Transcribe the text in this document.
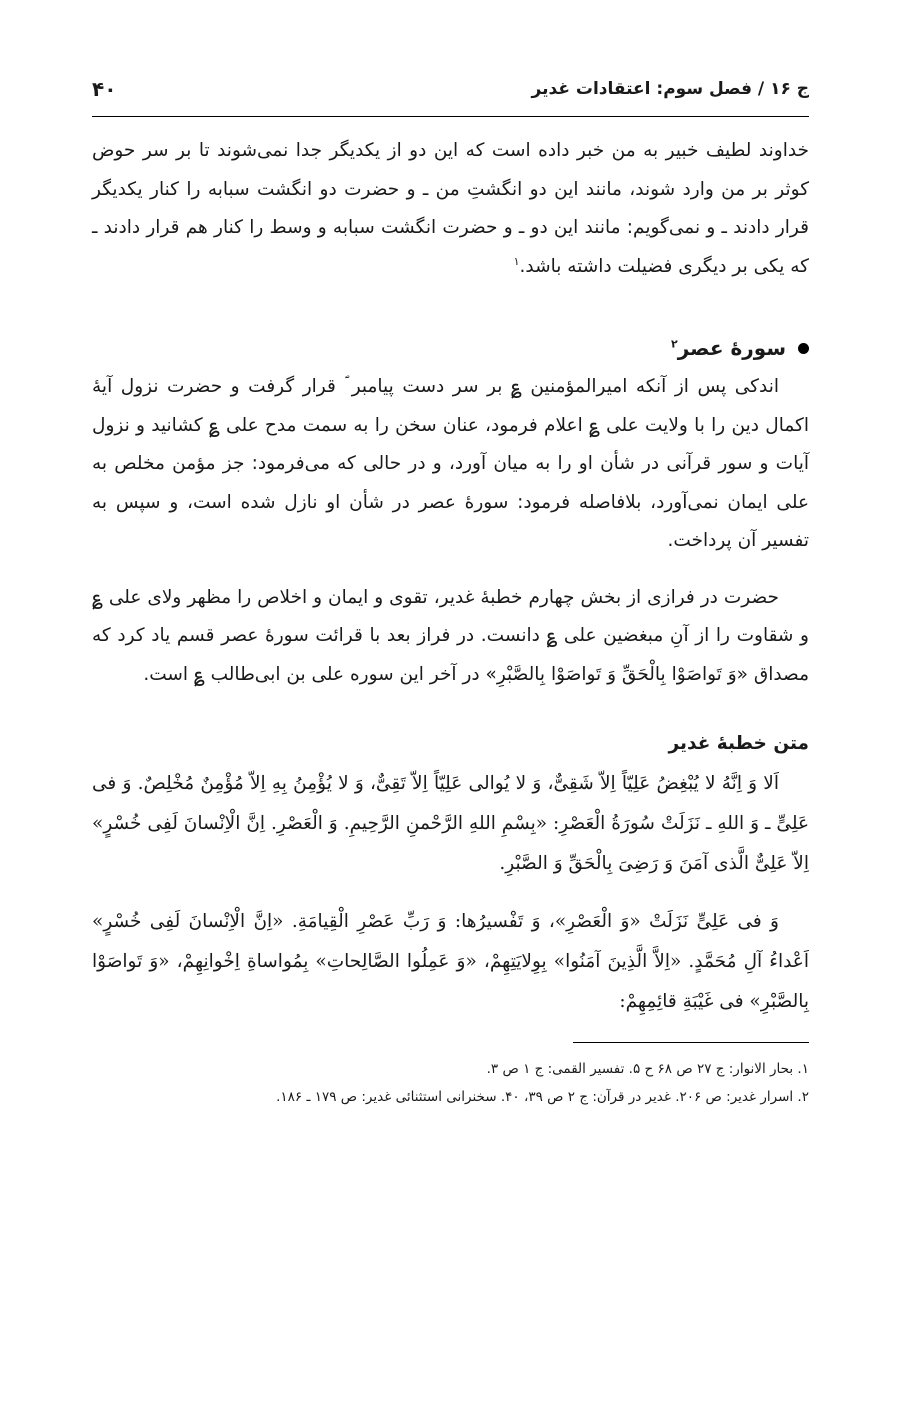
ج ۱۶ / فصل سوم: اعتقادات غدیر
۴۰

خداوند لطیف خبیر به من خبر داده است که این دو از یکدیگر جدا نمی‌شوند تا بر سر حوض کوثر بر من وارد شوند، مانند این دو انگشتِ من ـ و حضرت دو انگشت سبابه را کنار یکدیگر قرار دادند ـ و نمی‌گویم: مانند این دو ـ و حضرت انگشت سبابه و وسط را کنار هم قرار دادند ـ که یکی بر دیگری فضیلت داشته باشد.$^۱$

سورهٔ عصر$^۲$

اندکی پس از آنکه امیرالمؤمنین ؏ بر سر دست پیامبر ؐ قرار گرفت و حضرت نزول آیهٔ اکمال دین را با ولایت علی ؏ اعلام فرمود، عنان سخن را به سمت مدح علی ؏ کشانید و نزول آیات و سور قرآنی در شأن او را به میان آورد، و در حالی که می‌فرمود: جز مؤمن مخلص به علی ایمان نمی‌آورد، بلافاصله فرمود: سورهٔ عصر در شأن او نازل شده است، و سپس به تفسیر آن پرداخت.

حضرت در فرازی از بخش چهارم خطبهٔ غدیر، تقوی و ایمان و اخلاص را مظهر ولای علی ؏ و شقاوت را از آنِ مبغضین علی ؏ دانست. در فراز بعد با قرائت سورهٔ عصر قسم یاد کرد که مصداق «وَ تَواصَوْا بِالْحَقِّ وَ تَواصَوْا بِالصَّبْرِ» در آخر این سوره علی بن ابی‌طالب ؏ است.

متن خطبهٔ غدیر

اَلا وَ اِنَّهُ لا یُبْغِضُ عَلِیّاً اِلاّ شَقِیٌّ، وَ لا یُوالی عَلِیّاً اِلاّ تَقِیٌّ، وَ لا یُؤْمِنُ بِهِ اِلاّ مُؤْمِنٌ مُخْلِصٌ. وَ فی عَلِیٍّ ـ وَ اللهِ ـ نَزَلَتْ سُورَةُ الْعَصْرِ: «بِسْمِ اللهِ الرَّحْمنِ الرَّحِیمِ. وَ الْعَصْرِ. اِنَّ الْاِنْسانَ لَفِی خُسْرٍ» اِلاّ عَلِیٌّ الَّذی آمَنَ وَ رَضِیَ بِالْحَقِّ وَ الصَّبْرِ.

وَ فی عَلِیٍّ نَزَلَتْ «وَ الْعَصْرِ»، وَ تَفْسیرُها: وَ رَبِّ عَصْرِ الْقِیامَةِ. «اِنَّ الْاِنْسانَ لَفِی خُسْرٍ» اَعْداءُ آلِ مُحَمَّدٍ. «اِلاَّ الَّذِینَ آمَنُوا» بِوِلایَتِهِمْ، «وَ عَمِلُوا الصَّالِحاتِ» بِمُواساةِ اِخْوانِهِمْ، «وَ تَواصَوْا بِالصَّبْرِ» فی غَیْبَةِ قائِمِهِمْ:

۱. بحار الانوار: ج ۲۷ ص ۶۸ ح ۵. تفسیر القمی: ج ۱ ص ۳.
۲. اسرار غدیر: ص ۲۰۶. غدیر در قرآن: ج ۲ ص ۳۹، ۴۰. سخنرانی استثنائی غدیر: ص ۱۷۹ ـ ۱۸۶.
